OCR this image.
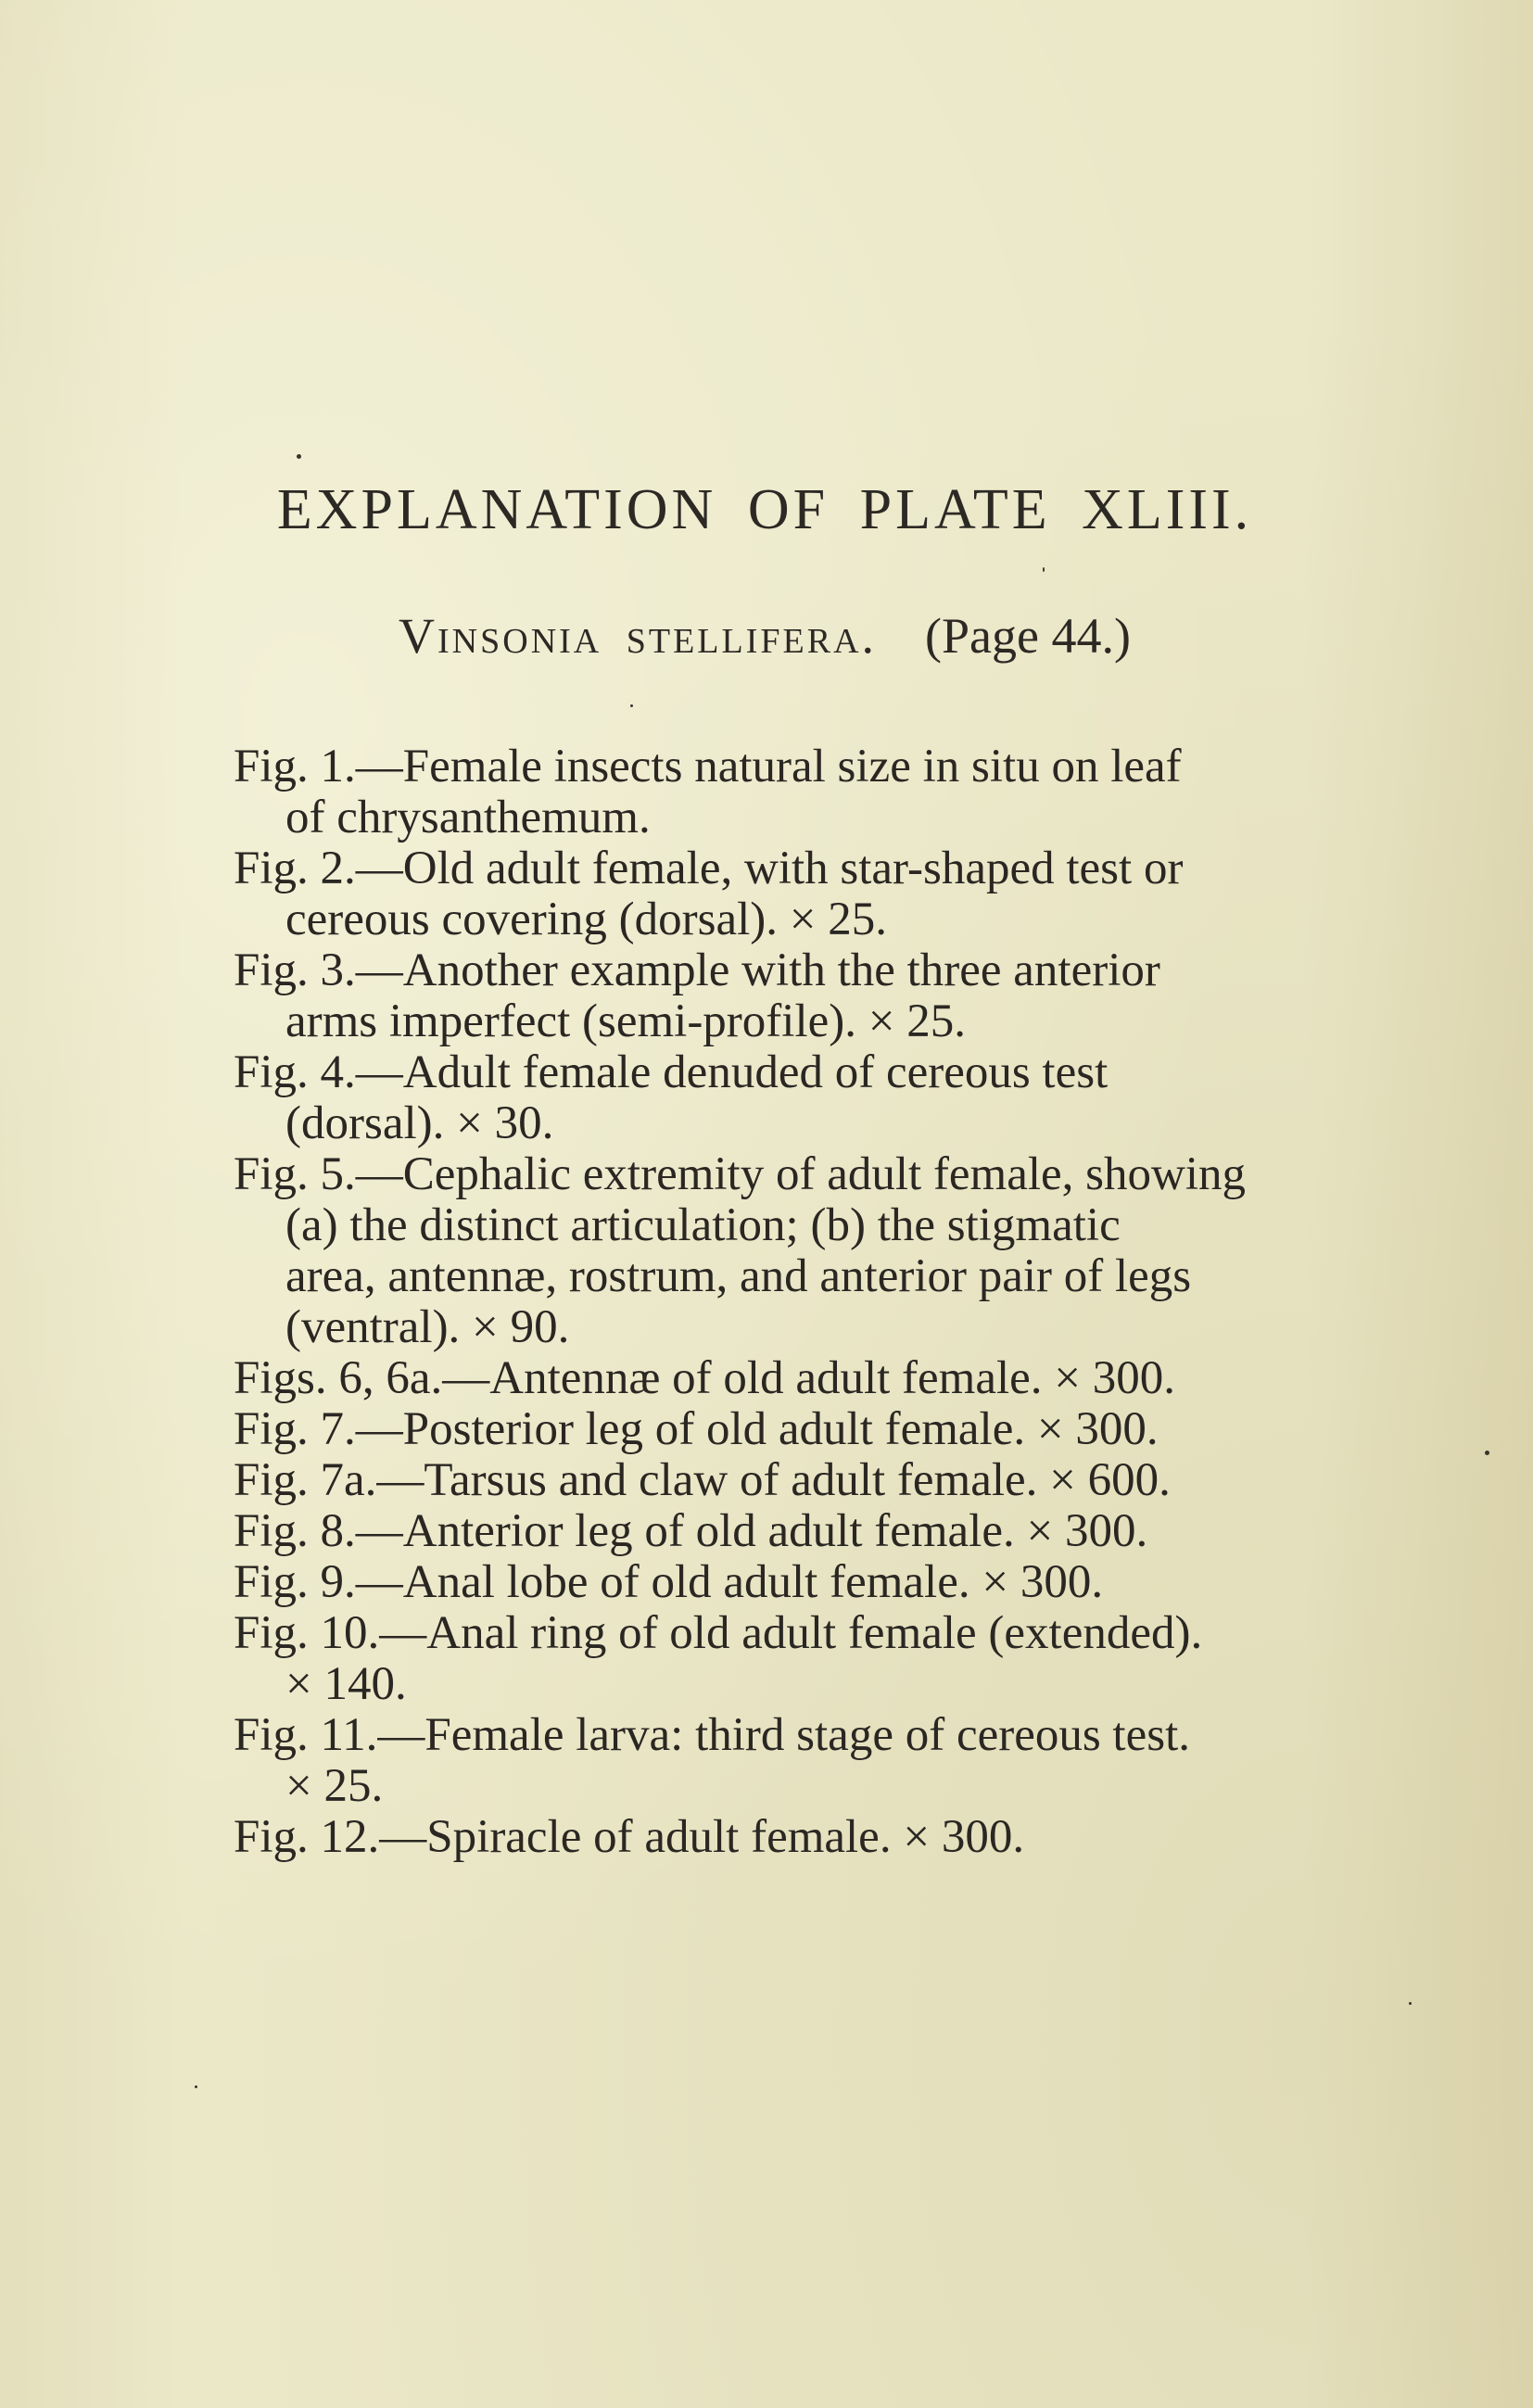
EXPLANATION OF PLATE XLIII.
Vinsonia stellifera. (Page 44.)
Fig. 1.—Female insects natural size in situ on leaf
of chrysanthemum.
Fig. 2.—Old adult female, with star-shaped test or
cereous covering (dorsal). × 25.
Fig. 3.—Another example with the three anterior
arms imperfect (semi-profile). × 25.
Fig. 4.—Adult female denuded of cereous test
(dorsal). × 30.
Fig. 5.—Cephalic extremity of adult female, showing
(a) the distinct articulation; (b) the stigmatic
area, antennæ, rostrum, and anterior pair of legs
(ventral). × 90.
Figs. 6, 6a.—Antennæ of old adult female. × 300.
Fig. 7.—Posterior leg of old adult female. × 300.
Fig. 7a.—Tarsus and claw of adult female. × 600.
Fig. 8.—Anterior leg of old adult female. × 300.
Fig. 9.—Anal lobe of old adult female. × 300.
Fig. 10.—Anal ring of old adult female (extended).
× 140.
Fig. 11.—Female larva: third stage of cereous test.
× 25.
Fig. 12.—Spiracle of adult female. × 300.
